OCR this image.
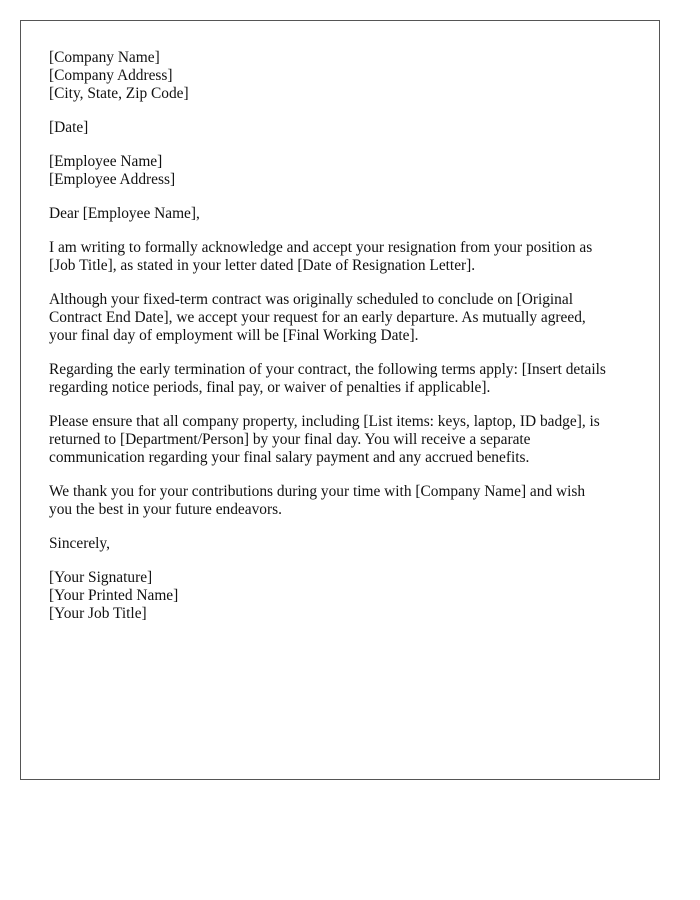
[Company Name]
[Company Address]
[City, State, Zip Code]
[Date]
[Employee Name]
[Employee Address]
Dear [Employee Name],

I am writing to formally acknowledge and accept your resignation from your position as
[Job Title], as stated in your letter dated [Date of Resignation Letter].

Although your fixed-term contract was originally scheduled to conclude on [Original
Contract End Date], we accept your request for an early departure. As mutually agreed,
your final day of employment will be [Final Working Date].

Regarding the early termination of your contract, the following terms apply: [Insert details
regarding notice periods, final pay, or waiver of penalties if applicable].

Please ensure that all company property, including [List items: keys, laptop, ID badge], is
returned to [Department/Person] by your final day. You will receive a separate
communication regarding your final salary payment and any accrued benefits.

We thank you for your contributions during your time with [Company Name] and wish
you the best in your future endeavors.

Sincerely,
[Your Signature]
[Your Printed Name]
[Your Job Title]
